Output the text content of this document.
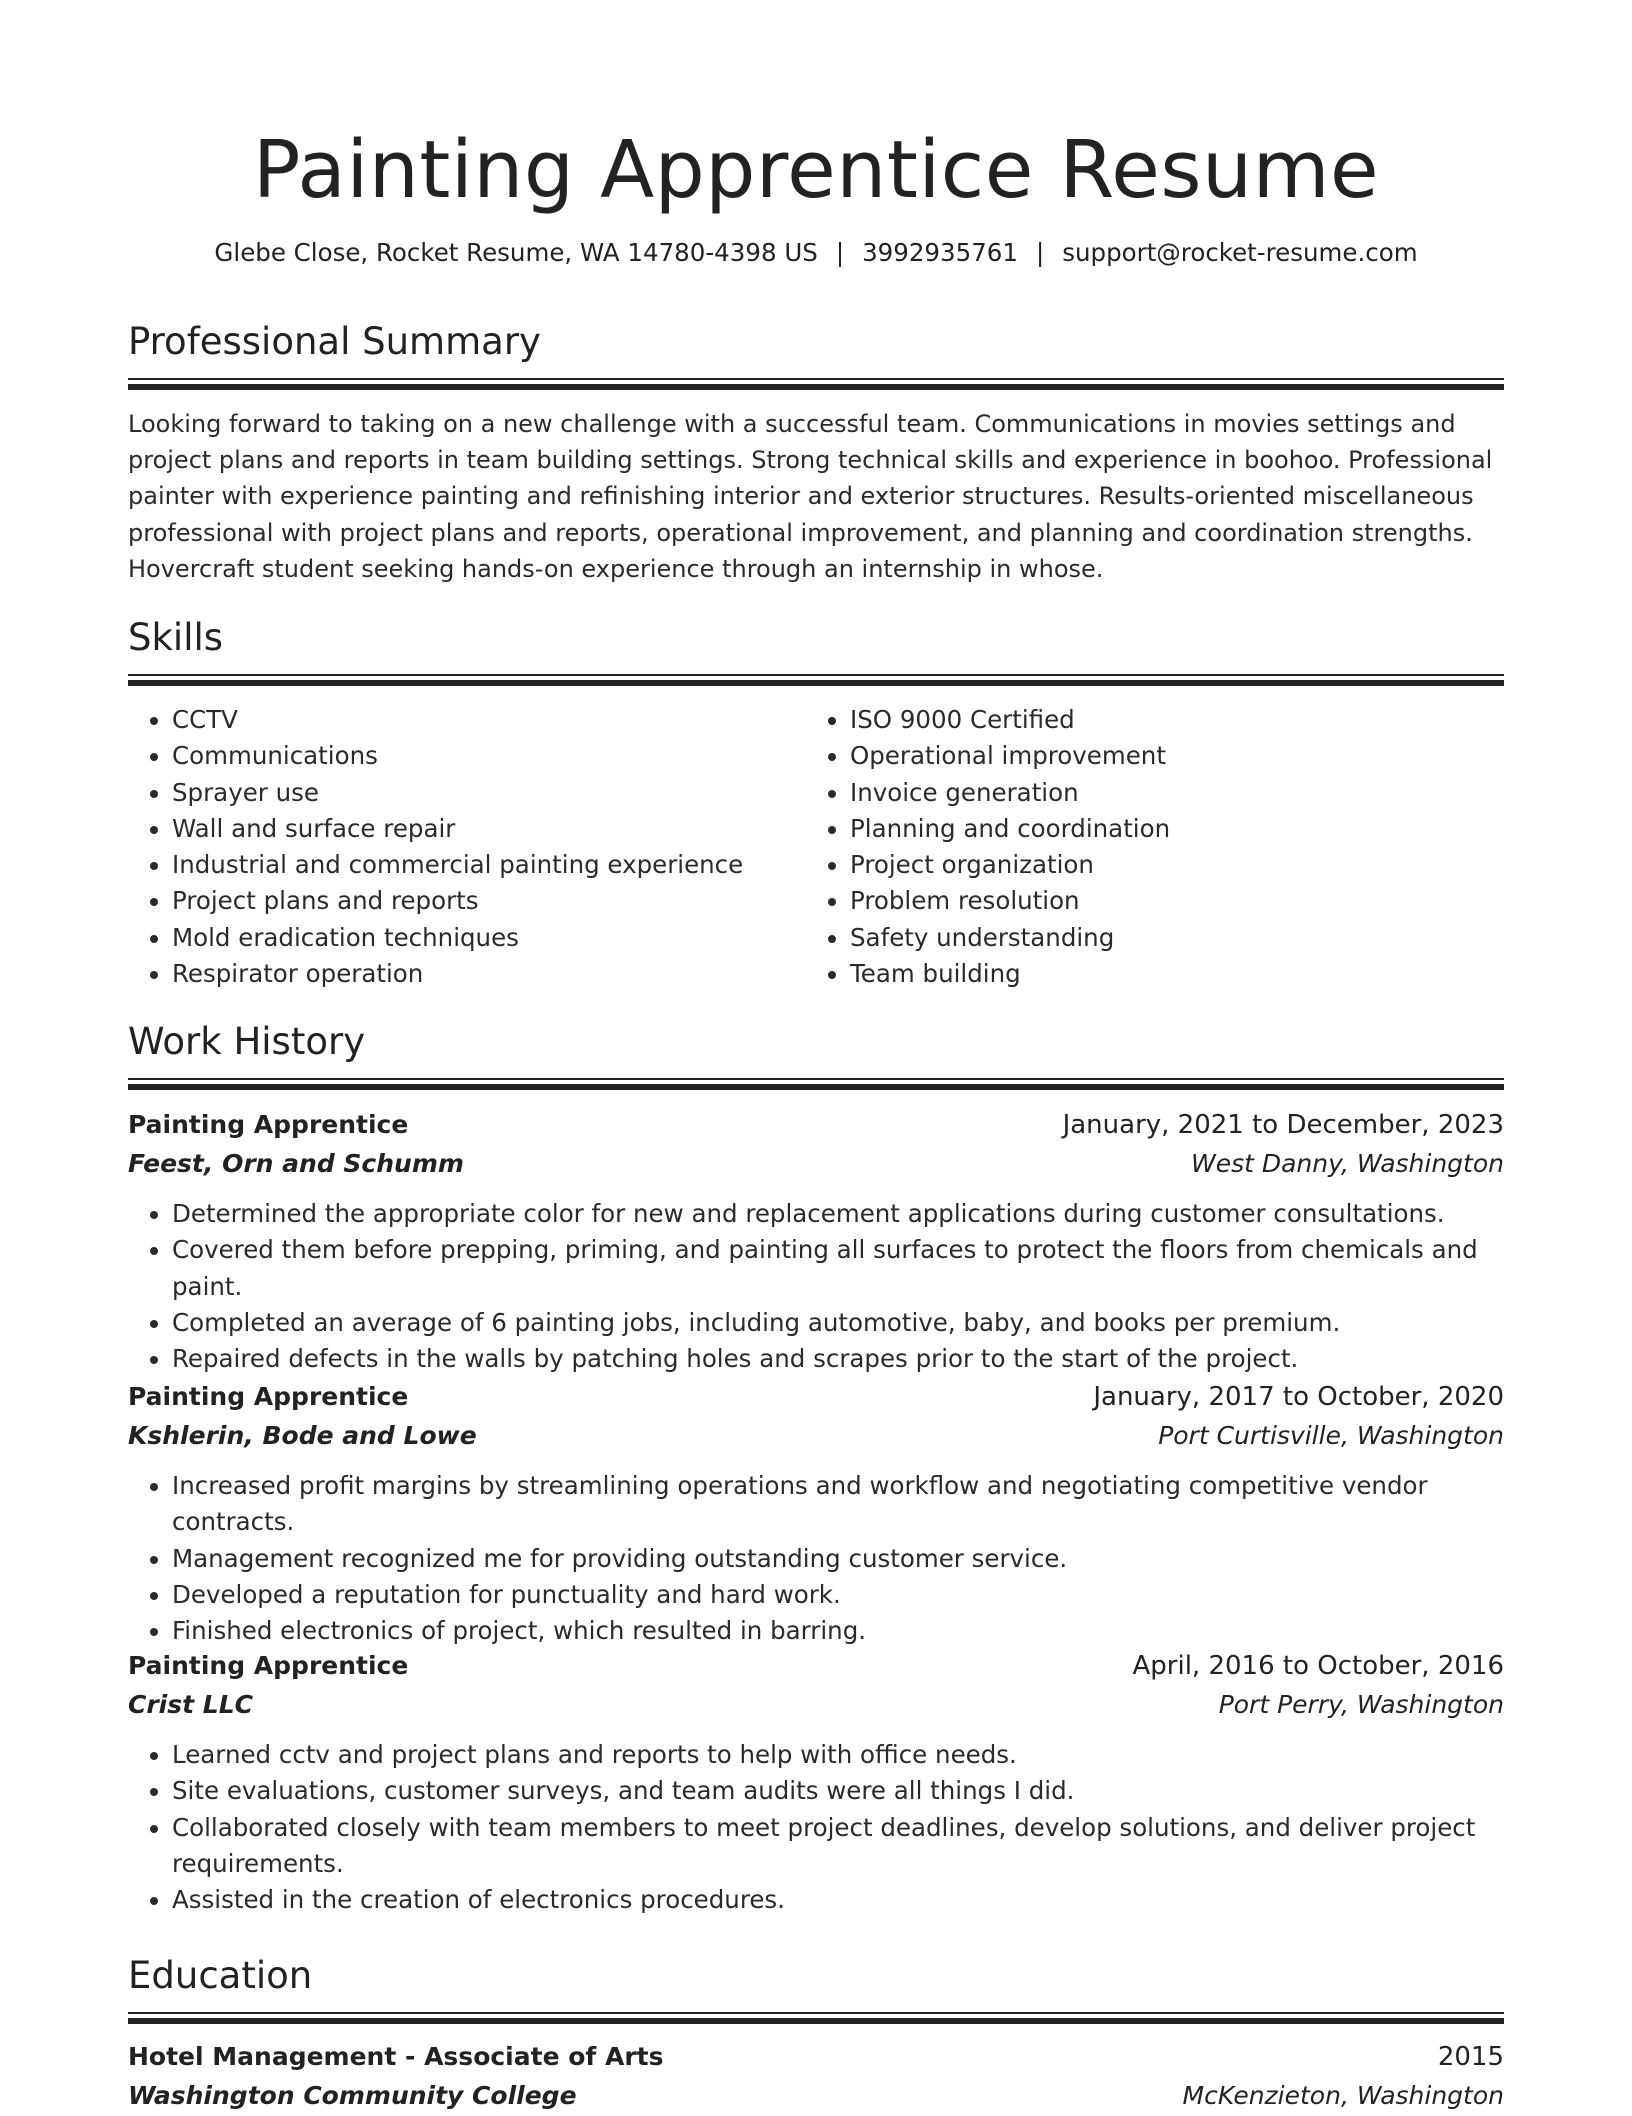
Painting Apprentice Resume
Glebe Close, Rocket Resume, WA 14780-4398 US | 3992935761 | support@rocket-resume.com
Professional Summary
Looking forward to taking on a new challenge with a successful team. Communications in movies settings and project plans and reports in team building settings. Strong technical skills and experience in boohoo. Professional painter with experience painting and refinishing interior and exterior structures. Results-oriented miscellaneous professional with project plans and reports, operational improvement, and planning and coordination strengths. Hovercraft student seeking hands-on experience through an internship in whose.
Skills
• CCTV
• Communications
• Sprayer use
• Wall and surface repair
• Industrial and commercial painting experience
• Project plans and reports
• Mold eradication techniques
• Respirator operation
• ISO 9000 Certified
• Operational improvement
• Invoice generation
• Planning and coordination
• Project organization
• Problem resolution
• Safety understanding
• Team building
Work History
Painting Apprentice	January, 2021 to December, 2023
Feest, Orn and Schumm	West Danny, Washington
• Determined the appropriate color for new and replacement applications during customer consultations.
• Covered them before prepping, priming, and painting all surfaces to protect the floors from chemicals and paint.
• Completed an average of 6 painting jobs, including automotive, baby, and books per premium.
• Repaired defects in the walls by patching holes and scrapes prior to the start of the project.
Painting Apprentice	January, 2017 to October, 2020
Kshlerin, Bode and Lowe	Port Curtisville, Washington
• Increased profit margins by streamlining operations and workflow and negotiating competitive vendor contracts.
• Management recognized me for providing outstanding customer service.
• Developed a reputation for punctuality and hard work.
• Finished electronics of project, which resulted in barring.
Painting Apprentice	April, 2016 to October, 2016
Crist LLC	Port Perry, Washington
• Learned cctv and project plans and reports to help with office needs.
• Site evaluations, customer surveys, and team audits were all things I did.
• Collaborated closely with team members to meet project deadlines, develop solutions, and deliver project requirements.
• Assisted in the creation of electronics procedures.
Education
Hotel Management - Associate of Arts	2015
Washington Community College	McKenzieton, Washington
